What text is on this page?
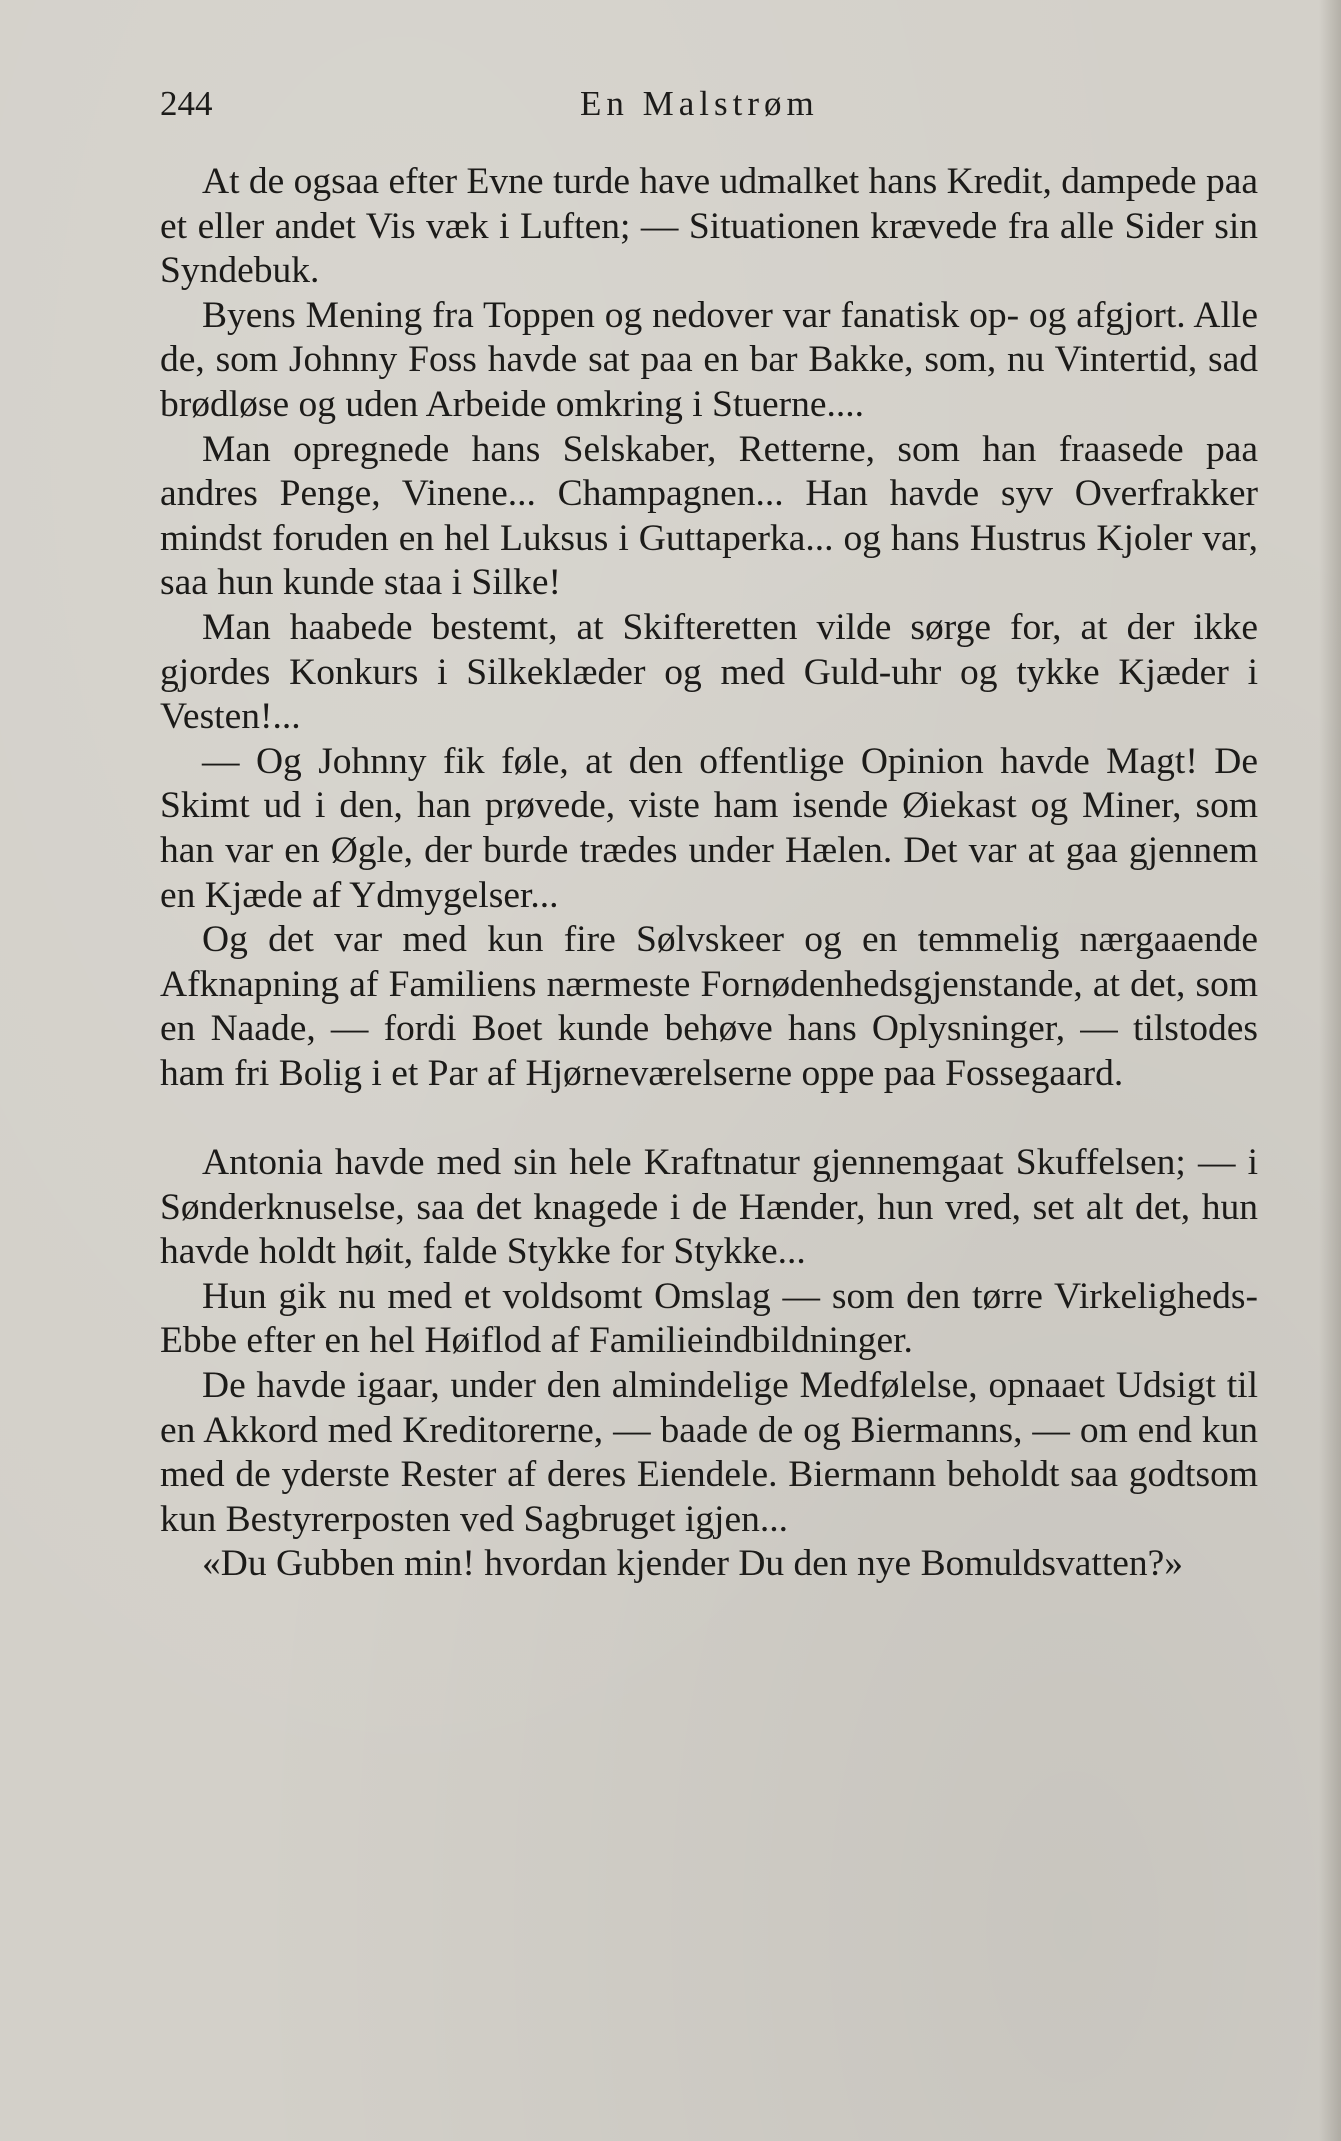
244	En Malstrøm

At de ogsaa efter Evne turde have udmalket hans Kredit, dampede paa et eller andet Vis væk i Luften; — Situationen krævede fra alle Sider sin Syndebuk.

Byens Mening fra Toppen og nedover var fanatisk op- og afgjort. Alle de, som Johnny Foss havde sat paa en bar Bakke, som, nu Vintertid, sad brødløse og uden Arbeide omkring i Stuerne....

Man opregnede hans Selskaber, Retterne, som han fraasede paa andres Penge, Vinene... Champagnen... Han havde syv Overfrakker mindst foruden en hel Luksus i Guttaperka... og hans Hustrus Kjoler var, saa hun kunde staa i Silke!

Man haabede bestemt, at Skifteretten vilde sørge for, at der ikke gjordes Konkurs i Silkeklæder og med Guld-uhr og tykke Kjæder i Vesten!...

— Og Johnny fik føle, at den offentlige Opinion havde Magt! De Skimt ud i den, han prøvede, viste ham isende Øiekast og Miner, som han var en Øgle, der burde trædes under Hælen. Det var at gaa gjennem en Kjæde af Ydmygelser...

Og det var med kun fire Sølvskeer og en temmelig nærgaaende Afknapning af Familiens nærmeste Fornødenhedsgjenstande, at det, som en Naade, — fordi Boet kunde behøve hans Oplysninger, — tilstodes ham fri Bolig i et Par af Hjørneværelserne oppe paa Fossegaard.

Antonia havde med sin hele Kraftnatur gjennemgaat Skuffelsen; — i Sønderknuselse, saa det knagede i de Hænder, hun vred, set alt det, hun havde holdt høit, falde Stykke for Stykke...

Hun gik nu med et voldsomt Omslag — som den tørre Virkeligheds-Ebbe efter en hel Høiflod af Familieindbildninger.

De havde igaar, under den almindelige Medfølelse, opnaaet Udsigt til en Akkord med Kreditorerne, — baade de og Biermanns, — om end kun med de yderste Rester af deres Eiendele. Biermann beholdt saa godtsom kun Bestyrerposten ved Sagbruget igjen...

«Du Gubben min! hvordan kjender Du den nye Bomuldsvatten?»
